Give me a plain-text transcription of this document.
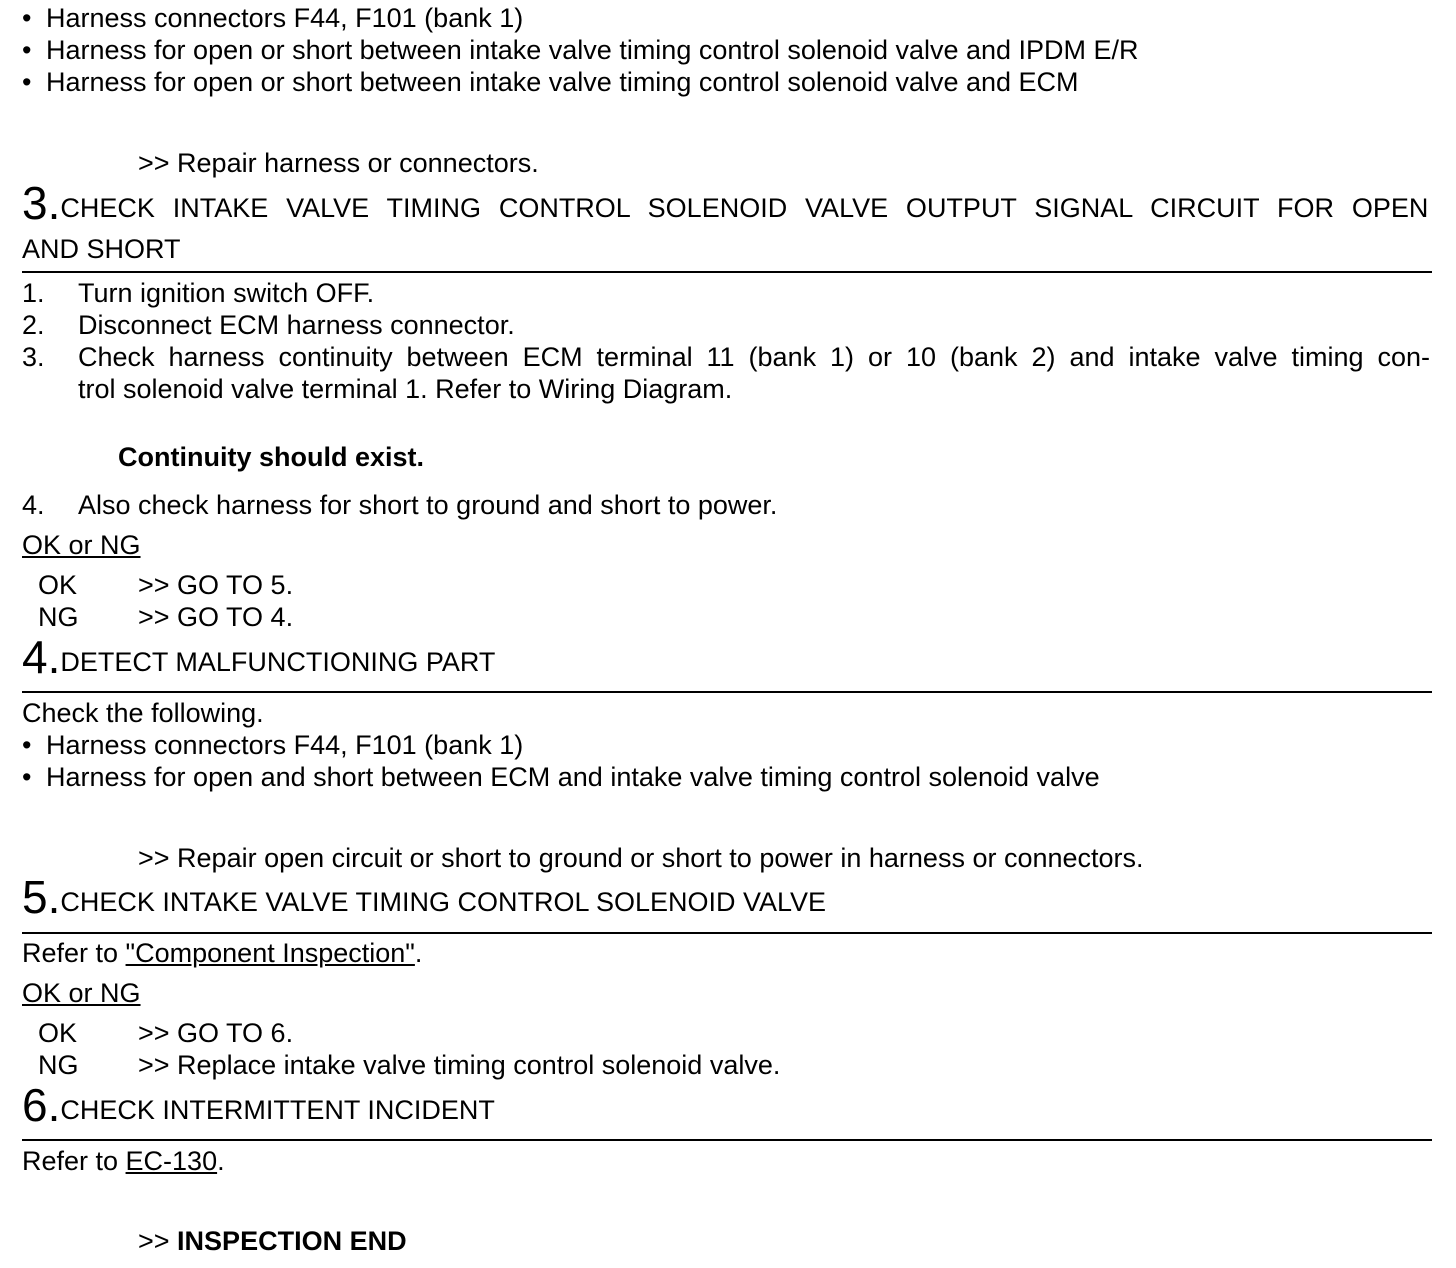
• Harness connectors F44, F101 (bank 1)
• Harness for open or short between intake valve timing control solenoid valve and IPDM E/R
• Harness for open or short between intake valve timing control solenoid valve and ECM
>> Repair harness or connectors.
3.CHECK INTAKE VALVE TIMING CONTROL SOLENOID VALVE OUTPUT SIGNAL CIRCUIT FOR OPEN
AND SHORT
1. Turn ignition switch OFF.
2. Disconnect ECM harness connector.
3. Check harness continuity between ECM terminal 11 (bank 1) or 10 (bank 2) and intake valve timing con-
trol solenoid valve terminal 1. Refer to Wiring Diagram.
Continuity should exist.
4. Also check harness for short to ground and short to power.
OK or NG
OK >> GO TO 5.
NG >> GO TO 4.
4.DETECT MALFUNCTIONING PART
Check the following.
• Harness connectors F44, F101 (bank 1)
• Harness for open and short between ECM and intake valve timing control solenoid valve
>> Repair open circuit or short to ground or short to power in harness or connectors.
5.CHECK INTAKE VALVE TIMING CONTROL SOLENOID VALVE
Refer to "Component Inspection".
OK or NG
OK >> GO TO 6.
NG >> Replace intake valve timing control solenoid valve.
6.CHECK INTERMITTENT INCIDENT
Refer to EC-130.
>> INSPECTION END
